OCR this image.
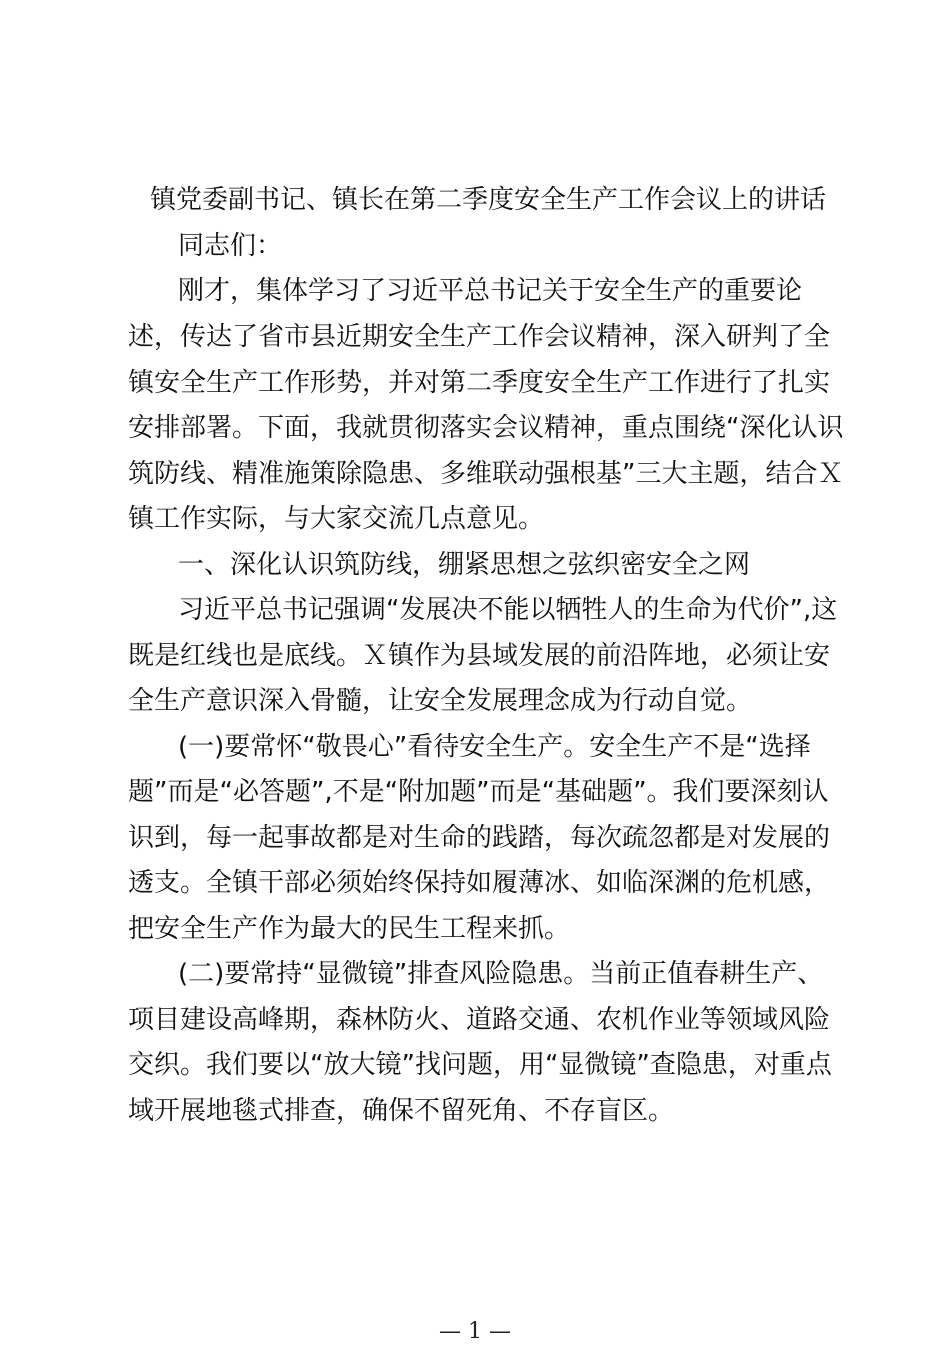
镇党委副书记、镇长在第二季度安全生产工作会议上的讲话
同志们：
刚才，集体学习了习近平总书记关于安全生产的重要论
述，传达了省市县近期安全生产工作会议精神，深入研判了全
镇安全生产工作形势，并对第二季度安全生产工作进行了扎实
安排部署。下面，我就贯彻落实会议精神，重点围绕“深化认识
筑防线、精准施策除隐患、多维联动强根基”三大主题，结合Ｘ
镇工作实际，与大家交流几点意见。
一、深化认识筑防线，绷紧思想之弦织密安全之网
习近平总书记强调“发展决不能以牺牲人的生命为代价”,这
既是红线也是底线。Ｘ镇作为县域发展的前沿阵地，必须让安
全生产意识深入骨髓，让安全发展理念成为行动自觉。
(一)要常怀“敬畏心”看待安全生产。安全生产不是“选择
题”而是“必答题”,不是“附加题”而是“基础题”。我们要深刻认
识到，每一起事故都是对生命的践踏，每次疏忽都是对发展的
透支。全镇干部必须始终保持如履薄冰、如临深渊的危机感，
把安全生产作为最大的民生工程来抓。
(二)要常持“显微镜”排查风险隐患。当前正值春耕生产、
项目建设高峰期，森林防火、道路交通、农机作业等领域风险
交织。我们要以“放大镜”找问题，用“显微镜”查隐患，对重点
域开展地毯式排查，确保不留死角、不存盲区。
— 1 —
